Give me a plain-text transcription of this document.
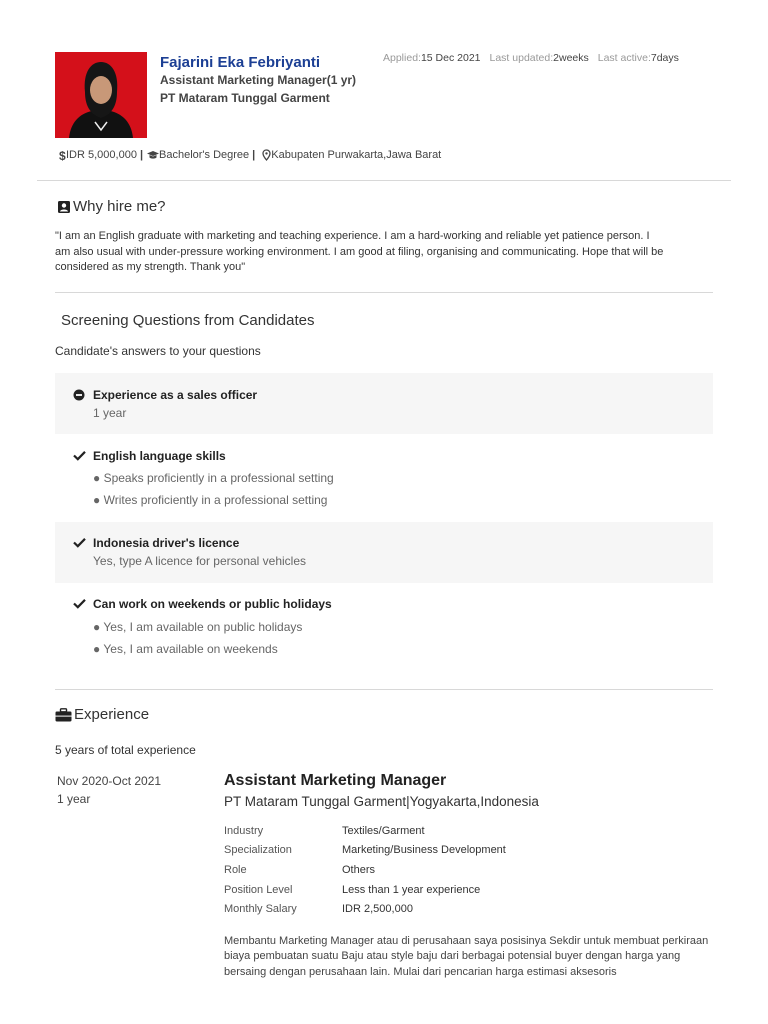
Fajarini Eka Febriyanti
Assistant Marketing Manager(1 yr)
PT Mataram Tunggal Garment
Applied:15 Dec 2021 Last updated:2weeks Last active:7days
$ IDR 5,000,000 | Bachelor's Degree | Kabupaten Purwakarta,Jawa Barat
Why hire me?
"I am an English graduate with marketing and teaching experience. I am a hard-working and reliable yet patience person. I am also usual with under-pressure working environment. I am good at filing, organising and communicating. Hope that will be considered as my strength. Thank you"
Screening Questions from Candidates
Candidate's answers to your questions
Experience as a sales officer
1 year
English language skills
● Speaks proficiently in a professional setting
● Writes proficiently in a professional setting
Indonesia driver's licence
Yes, type A licence for personal vehicles
Can work on weekends or public holidays
● Yes, I am available on public holidays
● Yes, I am available on weekends
Experience
5 years of total experience
Nov 2020-Oct 2021
1 year
Assistant Marketing Manager
PT Mataram Tunggal Garment|Yogyakarta,Indonesia
Industry	Textiles/Garment
Specialization	Marketing/Business Development
Role	Others
Position Level	Less than 1 year experience
Monthly Salary	IDR 2,500,000
Membantu Marketing Manager atau di perusahaan saya posisinya Sekdir untuk membuat perkiraan biaya pembuatan suatu Baju atau style baju dari berbagai potensial buyer dengan harga yang bersaing dengan perusahaan lain. Mulai dari pencarian harga estimasi aksesoris
